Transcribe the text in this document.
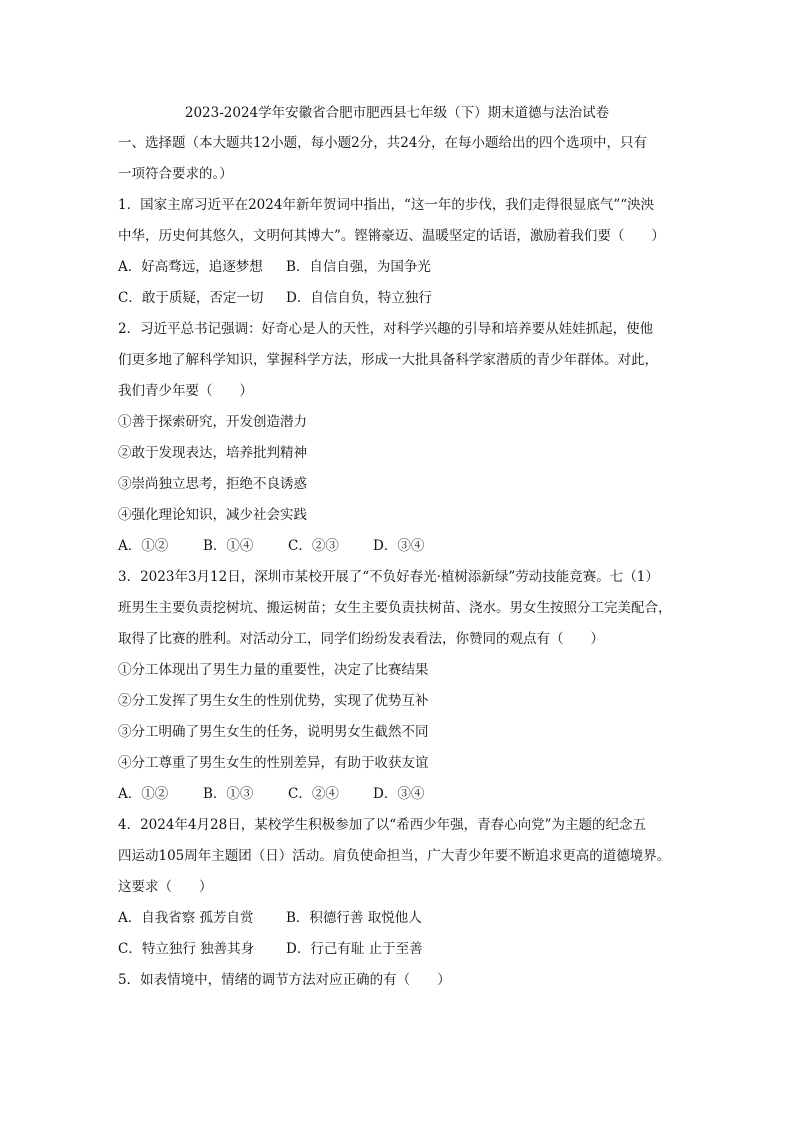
2023-2024学年安徽省合肥市肥西县七年级（下）期末道德与法治试卷
一、选择题（本大题共12小题，每小题2分，共24分，在每小题给出的四个选项中，只有
一项符合要求的。）
1．国家主席习近平在2024年新年贺词中指出，“这一年的步伐，我们走得很显底气”“泱泱
中华，历史何其悠久，文明何其博大”。铿锵豪迈、温暖坚定的话语，激励着我们要（　　）
A．好高骛远，追逐梦想 B．自信自强，为国争光
C．敢于质疑，否定一切 D．自信自负，特立独行
2．习近平总书记强调：好奇心是人的天性，对科学兴趣的引导和培养要从娃娃抓起，使他
们更多地了解科学知识，掌握科学方法，形成一大批具备科学家潜质的青少年群体。对此，
我们青少年要（　　）
①善于探索研究，开发创造潜力
②敢于发现表达，培养批判精神
③崇尚独立思考，拒绝不良诱惑
④强化理论知识，减少社会实践
A．①②	B．①④	C．②③	D．③④
3．2023年3月12日，深圳市某校开展了“不负好春光·植树添新绿”劳动技能竞赛。七（1）
班男生主要负责挖树坑、搬运树苗；女生主要负责扶树苗、浇水。男女生按照分工完美配合，
取得了比赛的胜利。对活动分工，同学们纷纷发表看法，你赞同的观点有（　　）
①分工体现出了男生力量的重要性，决定了比赛结果
②分工发挥了男生女生的性别优势，实现了优势互补
③分工明确了男生女生的任务，说明男女生截然不同
④分工尊重了男生女生的性别差异，有助于收获友谊
A．①②	B．①③	C．②④	D．③④
4．2024年4月28日，某校学生积极参加了以“希西少年强，青春心向党”为主题的纪念五
四运动105周年主题团（日）活动。肩负使命担当，广大青少年要不断追求更高的道德境界。
这要求（　　）
A．自我省察 孤芳自赏 B．积德行善 取悦他人
C．特立独行 独善其身 D．行己有耻 止于至善
5．如表情境中，情绪的调节方法对应正确的有（　　）
